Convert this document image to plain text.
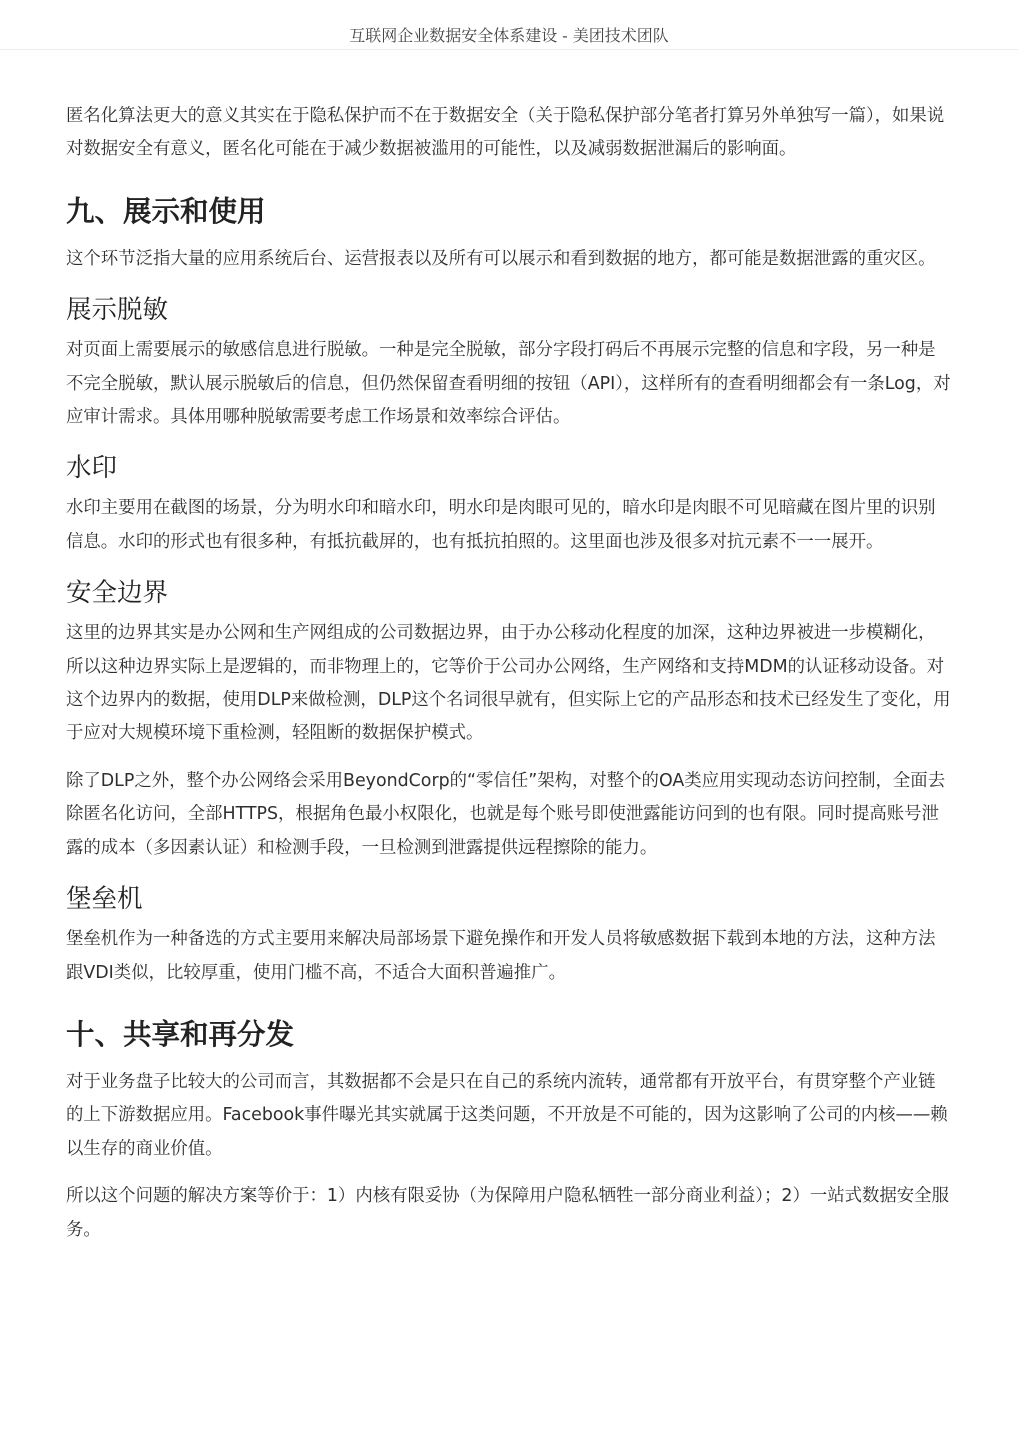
互联网企业数据安全体系建设 - 美团技术团队

匿名化算法更大的意义其实在于隐私保护而不在于数据安全（关于隐私保护部分笔者打算另外单独写一篇），如果说对数据安全有意义，匿名化可能在于减少数据被滥用的可能性，以及减弱数据泄漏后的影响面。

九、展示和使用

这个环节泛指大量的应用系统后台、运营报表以及所有可以展示和看到数据的地方，都可能是数据泄露的重灾区。

展示脱敏

对页面上需要展示的敏感信息进行脱敏。一种是完全脱敏，部分字段打码后不再展示完整的信息和字段，另一种是不完全脱敏，默认展示脱敏后的信息，但仍然保留查看明细的按钮（API），这样所有的查看明细都会有一条Log，对应审计需求。具体用哪种脱敏需要考虑工作场景和效率综合评估。

水印

水印主要用在截图的场景，分为明水印和暗水印，明水印是肉眼可见的，暗水印是肉眼不可见暗藏在图片里的识别信息。水印的形式也有很多种，有抵抗截屏的，也有抵抗拍照的。这里面也涉及很多对抗元素不一一展开。

安全边界

这里的边界其实是办公网和生产网组成的公司数据边界，由于办公移动化程度的加深，这种边界被进一步模糊化，所以这种边界实际上是逻辑的，而非物理上的，它等价于公司办公网络，生产网络和支持MDM的认证移动设备。对这个边界内的数据，使用DLP来做检测，DLP这个名词很早就有，但实际上它的产品形态和技术已经发生了变化，用于应对大规模环境下重检测，轻阻断的数据保护模式。

除了DLP之外，整个办公网络会采用BeyondCorp的“零信任”架构，对整个的OA类应用实现动态访问控制，全面去除匿名化访问，全部HTTPS，根据角色最小权限化，也就是每个账号即使泄露能访问到的也有限。同时提高账号泄露的成本（多因素认证）和检测手段，一旦检测到泄露提供远程擦除的能力。

堡垒机

堡垒机作为一种备选的方式主要用来解决局部场景下避免操作和开发人员将敏感数据下载到本地的方法，这种方法跟VDI类似，比较厚重，使用门槛不高，不适合大面积普遍推广。

十、共享和再分发

对于业务盘子比较大的公司而言，其数据都不会是只在自己的系统内流转，通常都有开放平台，有贯穿整个产业链的上下游数据应用。Facebook事件曝光其实就属于这类问题，不开放是不可能的，因为这影响了公司的内核——赖以生存的商业价值。

所以这个问题的解决方案等价于：1）内核有限妥协（为保障用户隐私牺牲一部分商业利益）；2）一站式数据安全服务。
